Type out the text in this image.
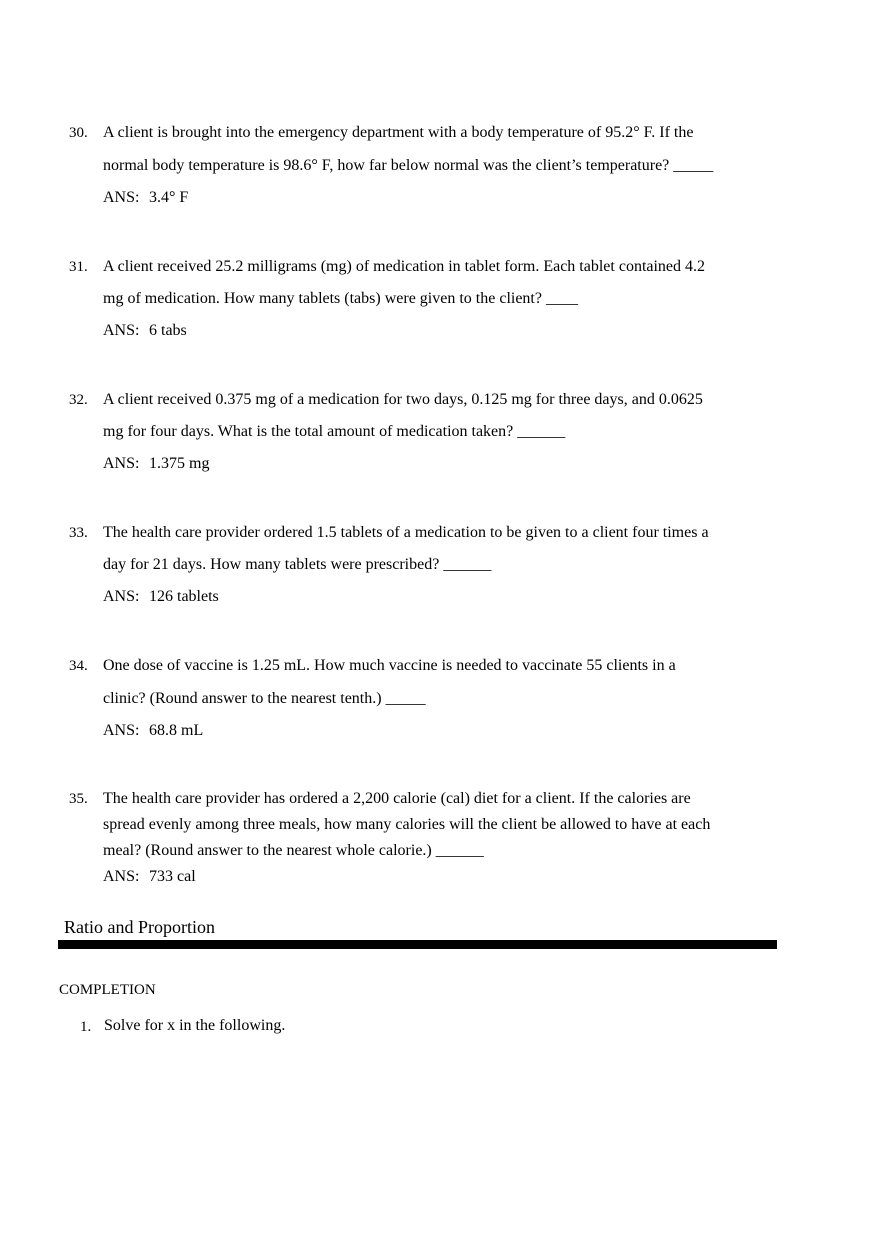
30. A client is brought into the emergency department with a body temperature of 95.2° F. If the
normal body temperature is 98.6° F, how far below normal was the client’s temperature? _____
ANS: 3.4° F
31. A client received 25.2 milligrams (mg) of medication in tablet form. Each tablet contained 4.2
mg of medication. How many tablets (tabs) were given to the client? ____
ANS: 6 tabs
32. A client received 0.375 mg of a medication for two days, 0.125 mg for three days, and 0.0625
mg for four days. What is the total amount of medication taken? ______
ANS: 1.375 mg
33. The health care provider ordered 1.5 tablets of a medication to be given to a client four times a
day for 21 days. How many tablets were prescribed? ______
ANS: 126 tablets
34. One dose of vaccine is 1.25 mL. How much vaccine is needed to vaccinate 55 clients in a
clinic? (Round answer to the nearest tenth.) _____
ANS: 68.8 mL
35. The health care provider has ordered a 2,200 calorie (cal) diet for a client. If the calories are
spread evenly among three meals, how many calories will the client be allowed to have at each
meal? (Round answer to the nearest whole calorie.) ______
ANS: 733 cal
Ratio and Proportion
COMPLETION
1. Solve for x in the following.
